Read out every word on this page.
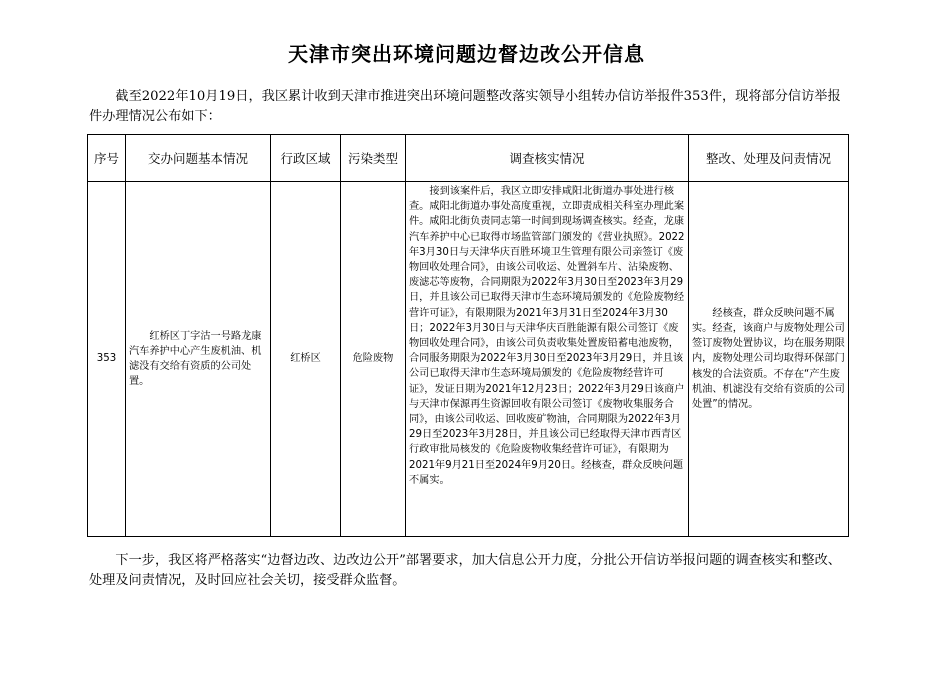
天津市突出环境问题边督边改公开信息
截至2022年10月19日，我区累计收到天津市推进突出环境问题整改落实领导小组转办信访举报件353件，现将部分信访举报件办理情况公布如下：
序号	交办问题基本情况	行政区域	污染类型	调查核实情况	整改、处理及问责情况
353	红桥区丁字沽一号路龙康汽车养护中心产生废机油、机滤没有交给有资质的公司处置。	红桥区	危险废物	接到该案件后，我区立即安排咸阳北街道办事处进行核查。咸阳北街道办事处高度重视，立即责成相关科室办理此案件。咸阳北街负责同志第一时间到现场调查核实。经查，龙康汽车养护中心已取得市场监管部门颁发的《营业执照》。2022年3月30日与天津华庆百胜环境卫生管理有限公司亲签订《废物回收处理合同》，由该公司收运、处置斜车片、沾染废物、废滤芯等废物，合同期限为2022年3月30日至2023年3月29日，并且该公司已取得天津市生态环境局颁发的《危险废物经营许可证》，有限期限为2021年3月31日至2024年3月30日；2022年3月30日与天津华庆百胜能源有限公司签订《废物回收处理合同》，由该公司负责收集处置废铅蓄电池废物，合同服务期限为2022年3月30日至2023年3月29日，并且该公司已取得天津市生态环境局颁发的《危险废物经营许可证》，发证日期为2021年12月23日；2022年3月29日该商户与天津市保源再生资源回收有限公司签订《废物收集服务合同》，由该公司收运、回收废矿物油，合同期限为2022年3月29日至2023年3月28日，并且该公司已经取得天津市西青区行政审批局核发的《危险废物收集经营许可证》，有限期为2021年9月21日至2024年9月20日。经核查，群众反映问题不属实。	经核查，群众反映问题不属实。经查，该商户与废物处理公司签订废物处置协议，均在服务期限内，废物处理公司均取得环保部门核发的合法资质。不存在“产生废机油、机滤没有交给有资质的公司处置”的情况。
下一步，我区将严格落实“边督边改、边改边公开”部署要求，加大信息公开力度，分批公开信访举报问题的调查核实和整改、处理及问责情况，及时回应社会关切，接受群众监督。
